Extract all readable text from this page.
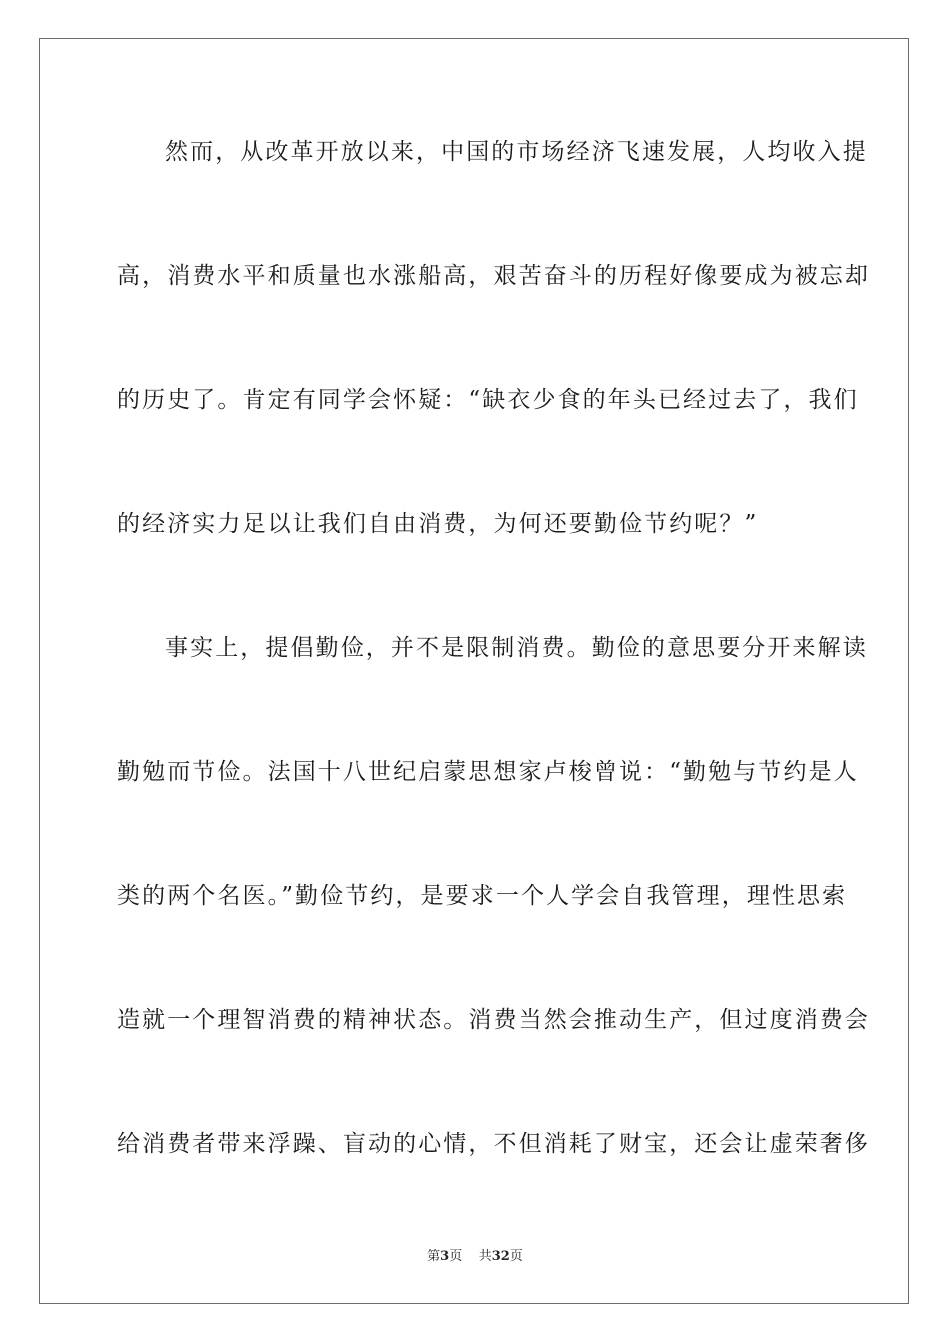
然而，从改革开放以来，中国的市场经济飞速发展，人均收入提
高，消费水平和质量也水涨船高，艰苦奋斗的历程好像要成为被忘却
的历史了。肯定有同学会怀疑：“缺衣少食的年头已经过去了，我们
的经济实力足以让我们自由消费，为何还要勤俭节约呢？”
事实上，提倡勤俭，并不是限制消费。勤俭的意思要分开来解读
勤勉而节俭。法国十八世纪启蒙思想家卢梭曾说：“勤勉与节约是人
类的两个名医。”勤俭节约，是要求一个人学会自我管理，理性思索
造就一个理智消费的精神状态。消费当然会推动生产，但过度消费会
给消费者带来浮躁、盲动的心情，不但消耗了财宝，还会让虚荣奢侈
第3页 共32页
